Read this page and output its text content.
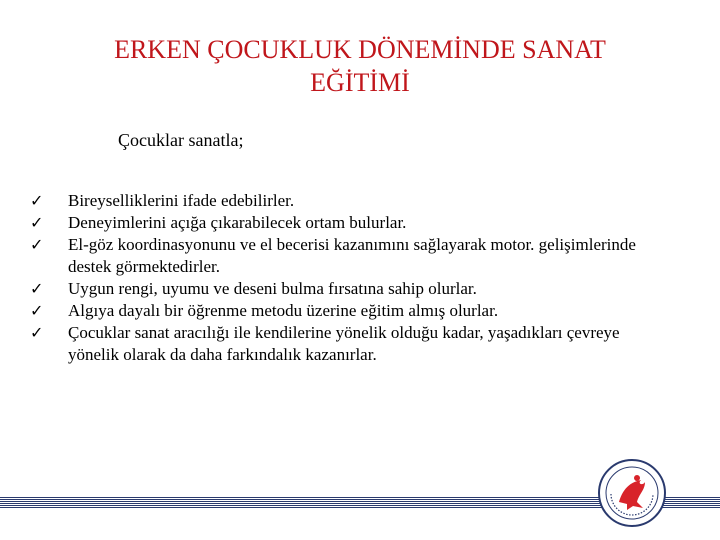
ERKEN ÇOCUKLUK DÖNEMİNDE SANAT
EĞİTİMİ
Çocuklar sanatla;
✓ Bireyselliklerini ifade edebilirler.
✓ Deneyimlerini açığa çıkarabilecek ortam bulurlar.
✓ El-göz koordinasyonunu ve el becerisi kazanımını sağlayarak motor. gelişimlerinde destek görmektedirler.
✓ Uygun rengi, uyumu ve deseni bulma fırsatına sahip olurlar.
✓ Algıya dayalı bir öğrenme metodu üzerine eğitim almış olurlar.
✓ Çocuklar sanat aracılığı ile kendilerine yönelik olduğu kadar, yaşadıkları çevreye yönelik olarak da daha farkındalık kazanırlar.
